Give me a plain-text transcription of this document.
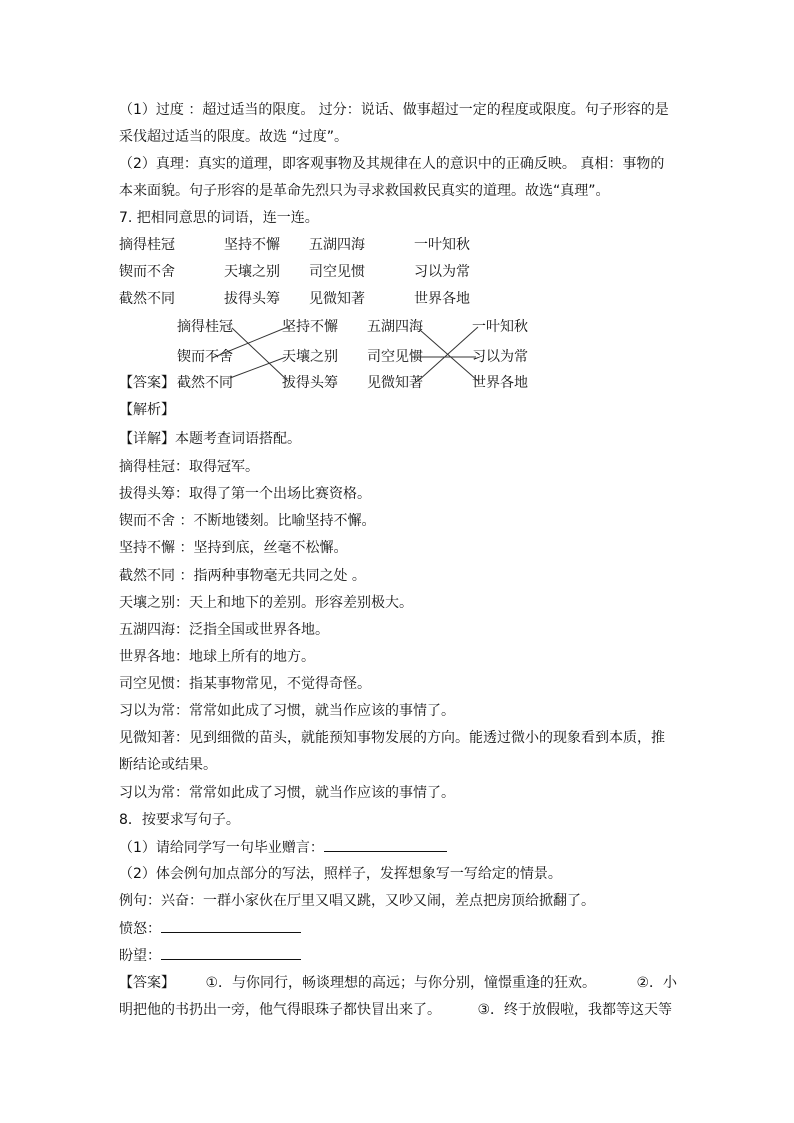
（1）过度 ：超过适当的限度。 过分：说话、做事超过一定的程度或限度。句子形容的是
采伐超过适当的限度。故选 “过度”。
（2）真理：真实的道理，即客观事物及其规律在人的意识中的正确反映。 真相：事物的
本来面貌。句子形容的是革命先烈只为寻求救国救民真实的道理。故选“真理”。
7. 把相同意思的词语，连一连。
摘得桂冠	坚持不懈 五湖四海	一叶知秋
锲而不舍	天壤之别 司空见惯	习以为常
截然不同	拔得头筹 见微知著	世界各地
【答案】
摘得桂冠	坚持不懈 五湖四海	一叶知秋
锲而不舍	天壤之别 司空见惯	习以为常
截然不同	拔得头筹 见微知著	世界各地
【解析】
【详解】本题考查词语搭配。
摘得桂冠：取得冠军。
拔得头筹：取得了第一个出场比赛资格。
锲而不舍 ：不断地镂刻。比喻坚持不懈。
坚持不懈 ：坚持到底，丝毫不松懈。
截然不同 ：指两种事物毫无共同之处 。
天壤之别：天上和地下的差别。形容差别极大。
五湖四海：泛指全国或世界各地。
世界各地：地球上所有的地方。
司空见惯：指某事物常见，不觉得奇怪。
习以为常：常常如此成了习惯，就当作应该的事情了。
见微知著：见到细微的苗头，就能预知事物发展的方向。能透过微小的现象看到本质，推
断结论或结果。
习以为常：常常如此成了习惯，就当作应该的事情了。
8．按要求写句子。
（1）请给同学写一句毕业赠言：
（2）体会例句加点部分的写法，照样子，发挥想象写一写给定的情景。
例句：兴奋：一群小家伙在厅里又唱又跳，又吵又闹，差点把房顶给掀翻了。
愤怒：
盼望：
【答案】 ①．与你同行，畅谈理想的高远；与你分别，憧憬重逢的狂欢。	②．小
明把他的书扔出一旁，他气得眼珠子都快冒出来了。	③．终于放假啦，我都等这天等
